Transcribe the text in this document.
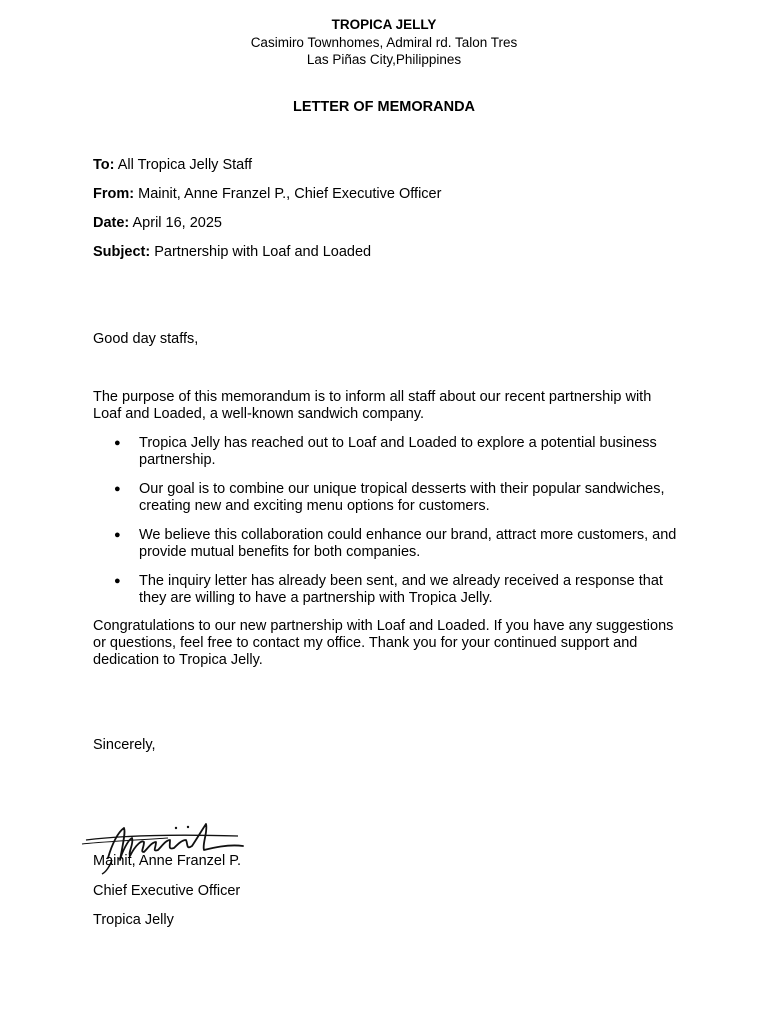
TROPICA JELLY
Casimiro Townhomes, Admiral rd. Talon Tres
Las Piñas City,Philippines
LETTER OF MEMORANDA
To: All Tropica Jelly Staff
From: Mainit, Anne Franzel P., Chief Executive Officer
Date: April 16, 2025
Subject: Partnership with Loaf and Loaded
Good day staffs,
The purpose of this memorandum is to inform all staff about our recent partnership with Loaf and Loaded, a well-known sandwich company.
● Tropica Jelly has reached out to Loaf and Loaded to explore a potential business partnership.
● Our goal is to combine our unique tropical desserts with their popular sandwiches, creating new and exciting menu options for customers.
● We believe this collaboration could enhance our brand, attract more customers, and provide mutual benefits for both companies.
● The inquiry letter has already been sent, and we already received a response that they are willing to have a partnership with Tropica Jelly.
Congratulations to our new partnership with Loaf and Loaded. If you have any suggestions or questions, feel free to contact my office. Thank you for your continued support and dedication to Tropica Jelly.
Sincerely,
Mainit, Anne Franzel P.
Chief Executive Officer
Tropica Jelly
